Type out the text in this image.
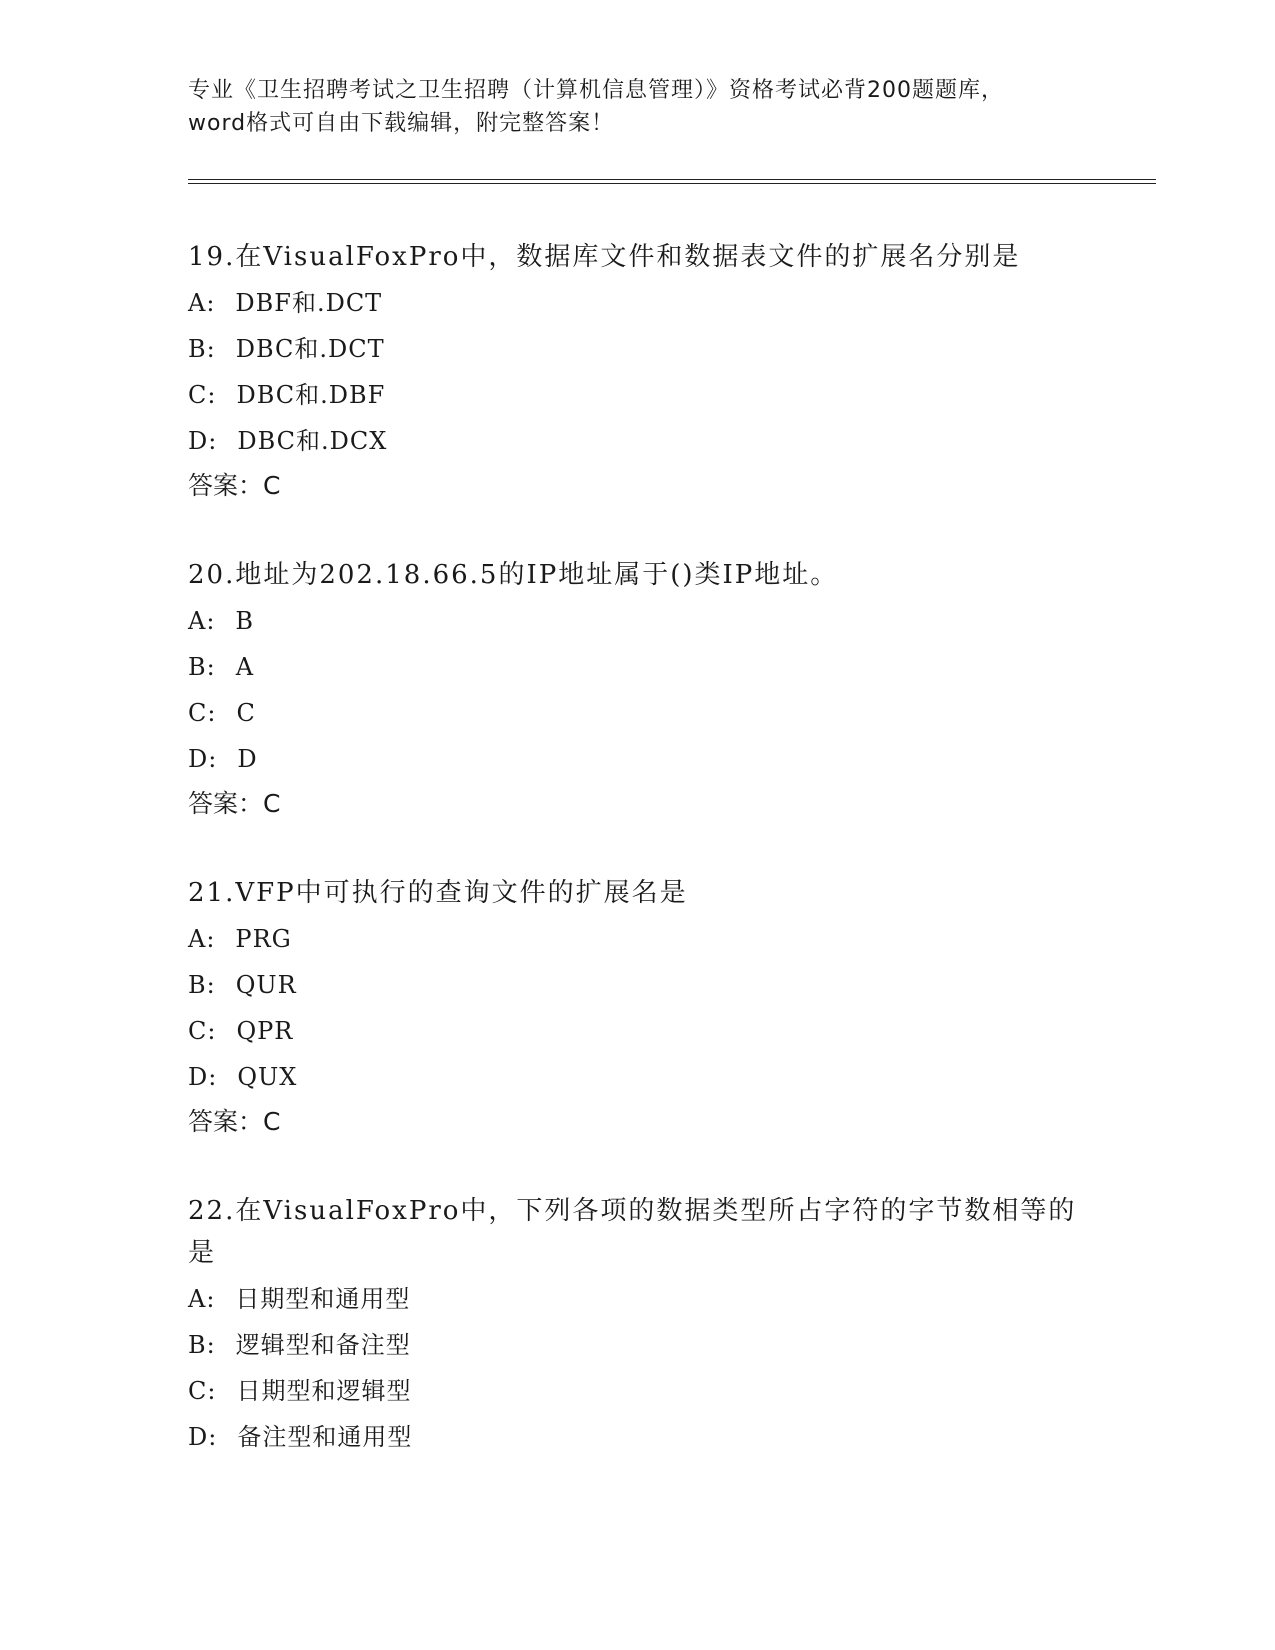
专业《卫生招聘考试之卫生招聘（计算机信息管理）》资格考试必背200题题库，
word格式可自由下载编辑，附完整答案！

19.在VisualFoxPro中，数据库文件和数据表文件的扩展名分别是

A: DBF和.DCT
B: DBC和.DCT
C: DBC和.DBF
D: DBC和.DCX
答案：C

20.地址为202.18.66.5的IP地址属于()类IP地址。

A: B
B: A
C: C
D: D
答案：C

21.VFP中可执行的查询文件的扩展名是

A: PRG
B: QUR
C: QPR
D: QUX
答案：C

22.在VisualFoxPro中，下列各项的数据类型所占字符的字节数相等的是

A: 日期型和通用型
B: 逻辑型和备注型
C: 日期型和逻辑型
D: 备注型和通用型
